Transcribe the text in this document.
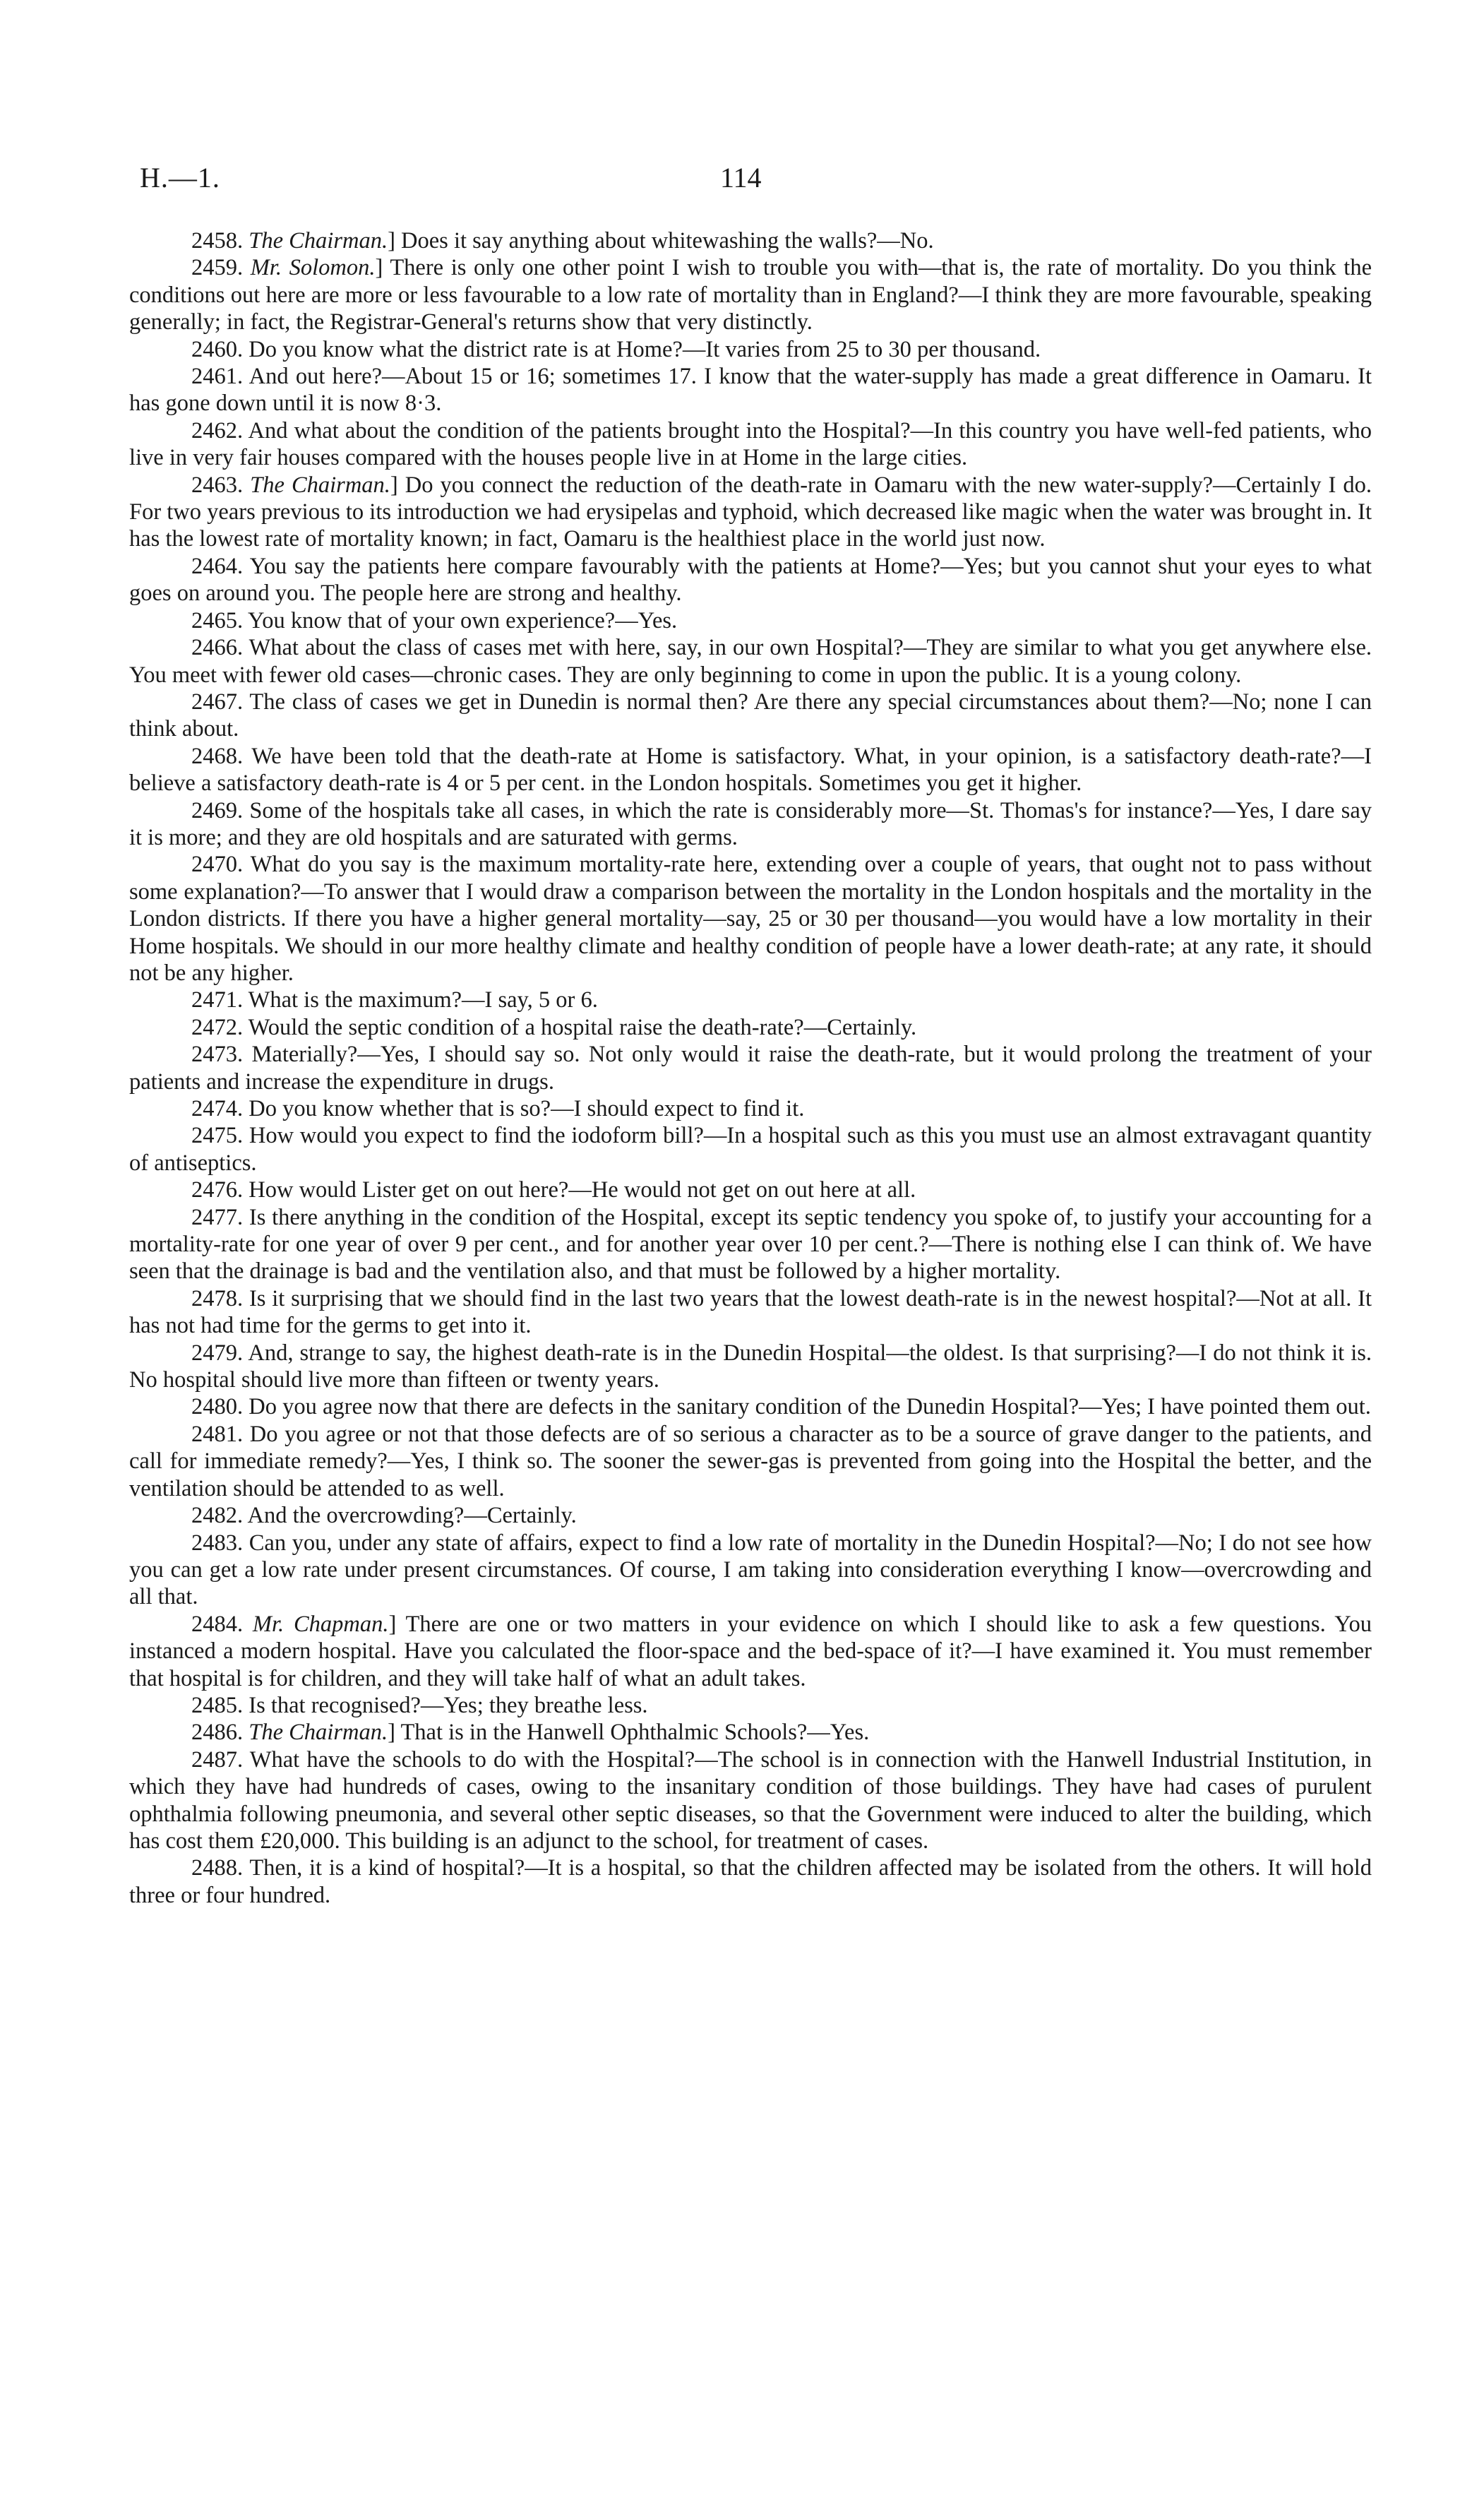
H.—1.	114

2458. The Chairman.] Does it say anything about whitewashing the walls?—No.

2459. Mr. Solomon.] There is only one other point I wish to trouble you with—that is, the rate of mortality. Do you think the conditions out here are more or less favourable to a low rate of mortality than in England?—I think they are more favourable, speaking generally; in fact, the Registrar-General's returns show that very distinctly.

2460. Do you know what the district rate is at Home?—It varies from 25 to 30 per thousand.

2461. And out here?—About 15 or 16; sometimes 17. I know that the water-supply has made a great difference in Oamaru. It has gone down until it is now 8·3.

2462. And what about the condition of the patients brought into the Hospital?—In this country you have well-fed patients, who live in very fair houses compared with the houses people live in at Home in the large cities.

2463. The Chairman.] Do you connect the reduction of the death-rate in Oamaru with the new water-supply?—Certainly I do. For two years previous to its introduction we had erysipelas and typhoid, which decreased like magic when the water was brought in. It has the lowest rate of mortality known; in fact, Oamaru is the healthiest place in the world just now.

2464. You say the patients here compare favourably with the patients at Home?—Yes; but you cannot shut your eyes to what goes on around you. The people here are strong and healthy.

2465. You know that of your own experience?—Yes.

2466. What about the class of cases met with here, say, in our own Hospital?—They are similar to what you get anywhere else. You meet with fewer old cases—chronic cases. They are only beginning to come in upon the public. It is a young colony.

2467. The class of cases we get in Dunedin is normal then? Are there any special circumstances about them?—No; none I can think about.

2468. We have been told that the death-rate at Home is satisfactory. What, in your opinion, is a satisfactory death-rate?—I believe a satisfactory death-rate is 4 or 5 per cent. in the London hospitals. Sometimes you get it higher.

2469. Some of the hospitals take all cases, in which the rate is considerably more—St. Thomas's for instance?—Yes, I dare say it is more; and they are old hospitals and are saturated with germs.

2470. What do you say is the maximum mortality-rate here, extending over a couple of years, that ought not to pass without some explanation?—To answer that I would draw a comparison between the mortality in the London hospitals and the mortality in the London districts. If there you have a higher general mortality—say, 25 or 30 per thousand—you would have a low mortality in their Home hospitals. We should in our more healthy climate and healthy condition of people have a lower death-rate; at any rate, it should not be any higher.

2471. What is the maximum?—I say, 5 or 6.

2472. Would the septic condition of a hospital raise the death-rate?—Certainly.

2473. Materially?—Yes, I should say so. Not only would it raise the death-rate, but it would prolong the treatment of your patients and increase the expenditure in drugs.

2474. Do you know whether that is so?—I should expect to find it.

2475. How would you expect to find the iodoform bill?—In a hospital such as this you must use an almost extravagant quantity of antiseptics.

2476. How would Lister get on out here?—He would not get on out here at all.

2477. Is there anything in the condition of the Hospital, except its septic tendency you spoke of, to justify your accounting for a mortality-rate for one year of over 9 per cent., and for another year over 10 per cent.?—There is nothing else I can think of. We have seen that the drainage is bad and the ventilation also, and that must be followed by a higher mortality.

2478. Is it surprising that we should find in the last two years that the lowest death-rate is in the newest hospital?—Not at all. It has not had time for the germs to get into it.

2479. And, strange to say, the highest death-rate is in the Dunedin Hospital—the oldest. Is that surprising?—I do not think it is. No hospital should live more than fifteen or twenty years.

2480. Do you agree now that there are defects in the sanitary condition of the Dunedin Hospital?—Yes; I have pointed them out.

2481. Do you agree or not that those defects are of so serious a character as to be a source of grave danger to the patients, and call for immediate remedy?—Yes, I think so. The sooner the sewer-gas is prevented from going into the Hospital the better, and the ventilation should be attended to as well.

2482. And the overcrowding?—Certainly.

2483. Can you, under any state of affairs, expect to find a low rate of mortality in the Dunedin Hospital?—No; I do not see how you can get a low rate under present circumstances. Of course, I am taking into consideration everything I know—overcrowding and all that.

2484. Mr. Chapman.] There are one or two matters in your evidence on which I should like to ask a few questions. You instanced a modern hospital. Have you calculated the floor-space and the bed-space of it?—I have examined it. You must remember that hospital is for children, and they will take half of what an adult takes.

2485. Is that recognised?—Yes; they breathe less.

2486. The Chairman.] That is in the Hanwell Ophthalmic Schools?—Yes.

2487. What have the schools to do with the Hospital?—The school is in connection with the Hanwell Industrial Institution, in which they have had hundreds of cases, owing to the insanitary condition of those buildings. They have had cases of purulent ophthalmia following pneumonia, and several other septic diseases, so that the Government were induced to alter the building, which has cost them £20,000. This building is an adjunct to the school, for treatment of cases.

2488. Then, it is a kind of hospital?—It is a hospital, so that the children affected may be isolated from the others. It will hold three or four hundred.
